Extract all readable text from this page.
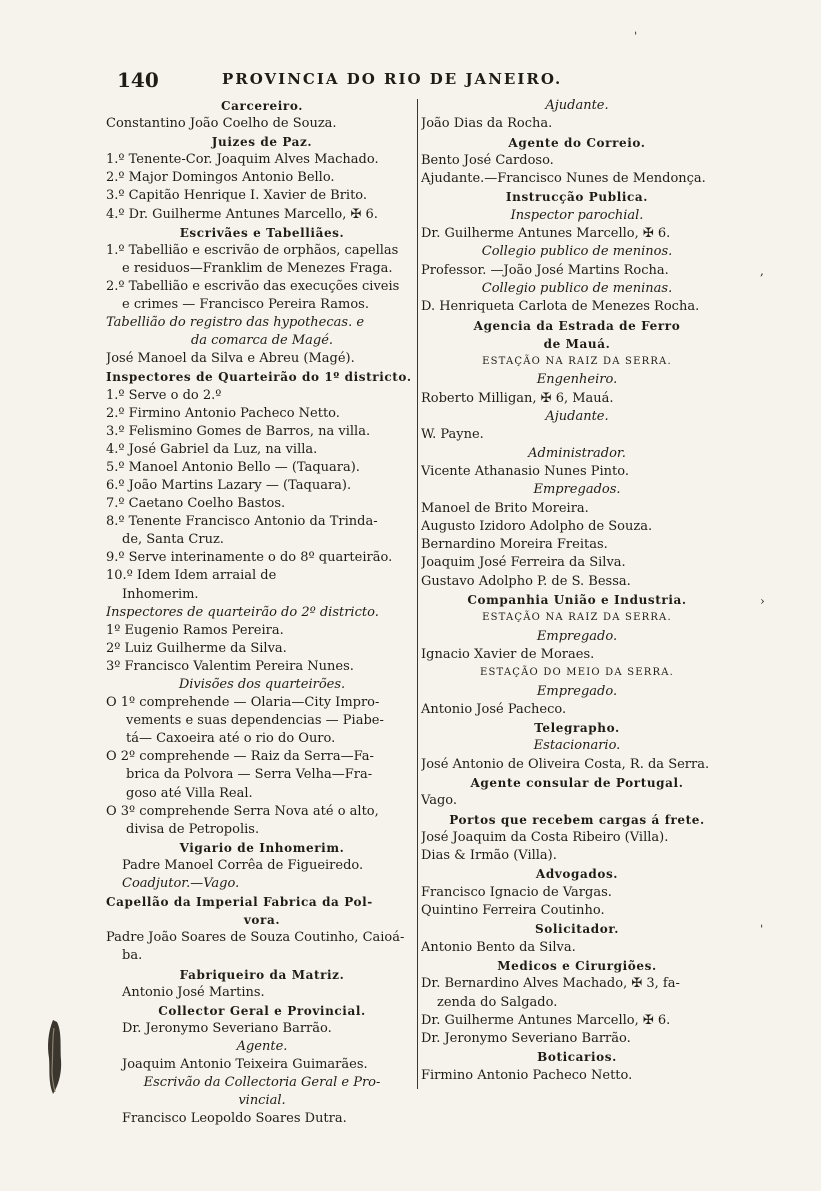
140	PROVINCIA DO RIO DE JANEIRO.
Carcereiro.
Constantino João Coelho de Souza.
Juizes de Paz.
1.º Tenente-Cor. Joaquim Alves Machado.
2.º Major Domingos Antonio Bello.
3.º Capitão Henrique I. Xavier de Brito.
4.º Dr. Guilherme Antunes Marcello, ✠ 6.
Escrivães e Tabelliães.
1.º Tabellião e escrivão de orphãos, capellas
e residuos—Franklim de Menezes Fraga.
2.º Tabellião e escrivão das execuções civeis
e crimes — Francisco Pereira Ramos.
Tabellião do registro das hypothecas. e
da comarca de Magé.
José Manoel da Silva e Abreu (Magé).
Inspectores de Quarteirão do 1º districto.
1.º Serve o do 2.º
2.º Firmino Antonio Pacheco Netto.
3.º Felismino Gomes de Barros, na villa.
4.º José Gabriel da Luz, na villa.
5.º Manoel Antonio Bello — (Taquara).
6.º João Martins Lazary — (Taquara).
7.º Caetano Coelho Bastos.
8.º Tenente Francisco Antonio da Trinda-
de, Santa Cruz.
9.º Serve interinamente o do 8º quarteirão.
10.º Idem Idem arraial de
Inhomerim.
Inspectores de quarteirão do 2º districto.
1º Eugenio Ramos Pereira.
2º Luiz Guilherme da Silva.
3º Francisco Valentim Pereira Nunes.
Divisões dos quarteirões.
O 1º comprehende — Olaria—City Impro-
vements e suas dependencias — Piabe-
tá— Caxoeira até o rio do Ouro.
O 2º comprehende — Raiz da Serra—Fa-
brica da Polvora — Serra Velha—Fra-
goso até Villa Real.
O 3º comprehende Serra Nova até o alto,
divisa de Petropolis.
Vigario de Inhomerim.
Padre Manoel Corrêa de Figueiredo.
Coadjutor.—Vago.
Capellão da Imperial Fabrica da Pol-
vora.
Padre João Soares de Souza Coutinho, Caioá-
ba.
Fabriqueiro da Matriz.
Antonio José Martins.
Collector Geral e Provincial.
Dr. Jeronymo Severiano Barrão.
Agente.
Joaquim Antonio Teixeira Guimarães.
Escrivão da Collectoria Geral e Pro-
vincial.
Francisco Leopoldo Soares Dutra.
Ajudante.
João Dias da Rocha.
Agente do Correio.
Bento José Cardoso.
Ajudante.—Francisco Nunes de Mendonça.
Instrucção Publica.
Inspector parochial.
Dr. Guilherme Antunes Marcello, ✠ 6.
Collegio publico de meninos.
Professor. —João José Martins Rocha.
Collegio publico de meninas.
D. Henriqueta Carlota de Menezes Rocha.
Agencia da Estrada de Ferro
de Mauá.
ESTAÇÃO NA RAIZ DA SERRA.
Engenheiro.
Roberto Milligan, ✠ 6, Mauá.
Ajudante.
W. Payne.
Administrador.
Vicente Athanasio Nunes Pinto.
Empregados.
Manoel de Brito Moreira.
Augusto Izidoro Adolpho de Souza.
Bernardino Moreira Freitas.
Joaquim José Ferreira da Silva.
Gustavo Adolpho P. de S. Bessa.
Companhia União e Industria.
ESTAÇÃO NA RAIZ DA SERRA.
Empregado.
Ignacio Xavier de Moraes.
ESTAÇÃO DO MEIO DA SERRA.
Empregado.
Antonio José Pacheco.
Telegrapho.
Estacionario.
José Antonio de Oliveira Costa, R. da Serra.
Agente consular de Portugal.
Vago.
Portos que recebem cargas á frete.
José Joaquim da Costa Ribeiro (Villa).
Dias & Irmão (Villa).
Advogados.
Francisco Ignacio de Vargas.
Quintino Ferreira Coutinho.
Solicitador.
Antonio Bento da Silva.
Medicos e Cirurgiões.
Dr. Bernardino Alves Machado, ✠ 3, fa-
zenda do Salgado.
Dr. Guilherme Antunes Marcello, ✠ 6.
Dr. Jeronymo Severiano Barrão.
Boticarios.
Firmino Antonio Pacheco Netto.
ˈ
,
›
ˌ
